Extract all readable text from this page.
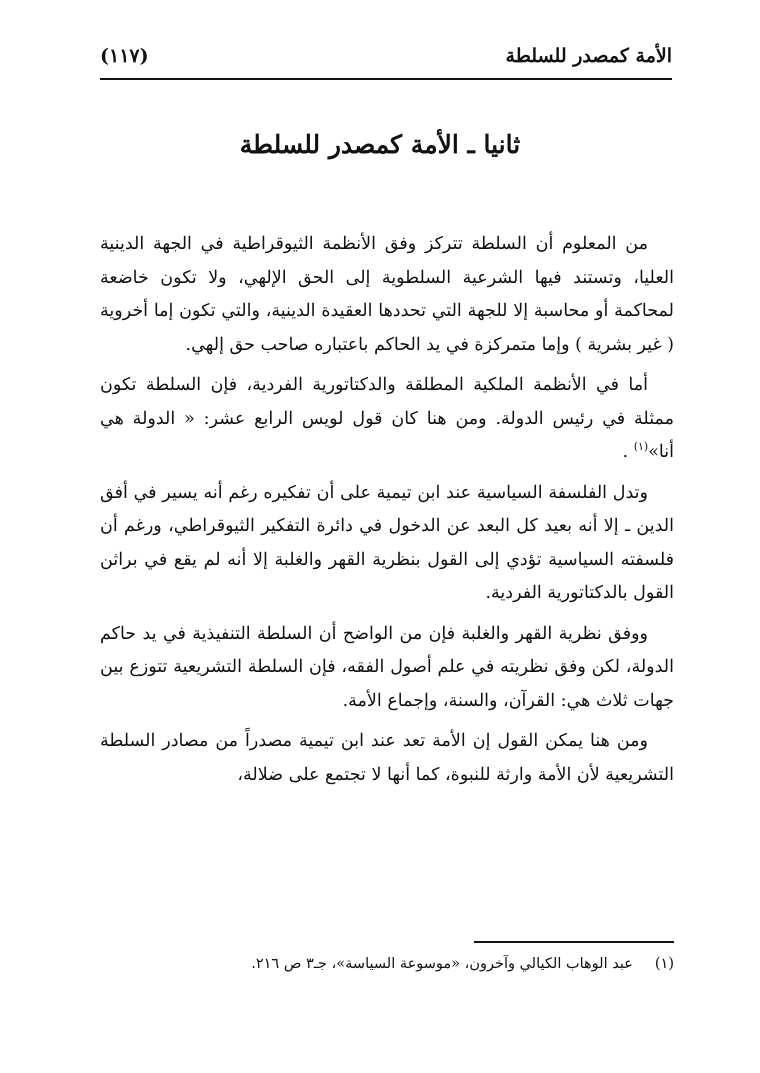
الأمة كمصدر للسلطة
(١١٧)
ثانيا ـ الأمة كمصدر للسلطة

من المعلوم أن السلطة تتركز وفق الأنظمة الثيوقراطية في الجهة الدينية العليا، وتستند فيها الشرعية السلطوية إلى الحق الإلهي، ولا تكون خاضعة لمحاكمة أو محاسبة إلا للجهة التي تحددها العقيدة الدينية، والتي تكون إما أخروية ( غير بشرية ) وإما متمركزة في يد الحاكم باعتباره صاحب حق إلهي.

أما في الأنظمة الملكية المطلقة والدكتاتورية الفردية، فإن السلطة تكون ممثلة في رئيس الدولة. ومن هنا كان قول لويس الرابع عشر: « الدولة هي أنا»$^{(١)}$ .

وتدل الفلسفة السياسية عند ابن تيمية على أن تفكيره رغم أنه يسير في أفق الدين ـ إلا أنه بعيد كل البعد عن الدخول في دائرة التفكير الثيوقراطي، ورغم أن فلسفته السياسية تؤدي إلى القول بنظرية القهر والغلبة إلا أنه لم يقع في براثن القول بالدكتاتورية الفردية.

ووفق نظرية القهر والغلبة فإن من الواضح أن السلطة التنفيذية في يد حاكم الدولة، لكن وفق نظريته في علم أصول الفقه، فإن السلطة التشريعية تتوزع بين جهات ثلاث هي: القرآن، والسنة، وإجماع الأمة.

ومن هنا يمكن القول إن الأمة تعد عند ابن تيمية مصدراً من مصادر السلطة التشريعية لأن الأمة وارثة للنبوة، كما أنها لا تجتمع على ضلالة،

(١)عبد الوهاب الكيالي وآخرون، «موسوعة السياسة»، جـ٣ ص ٢١٦.
